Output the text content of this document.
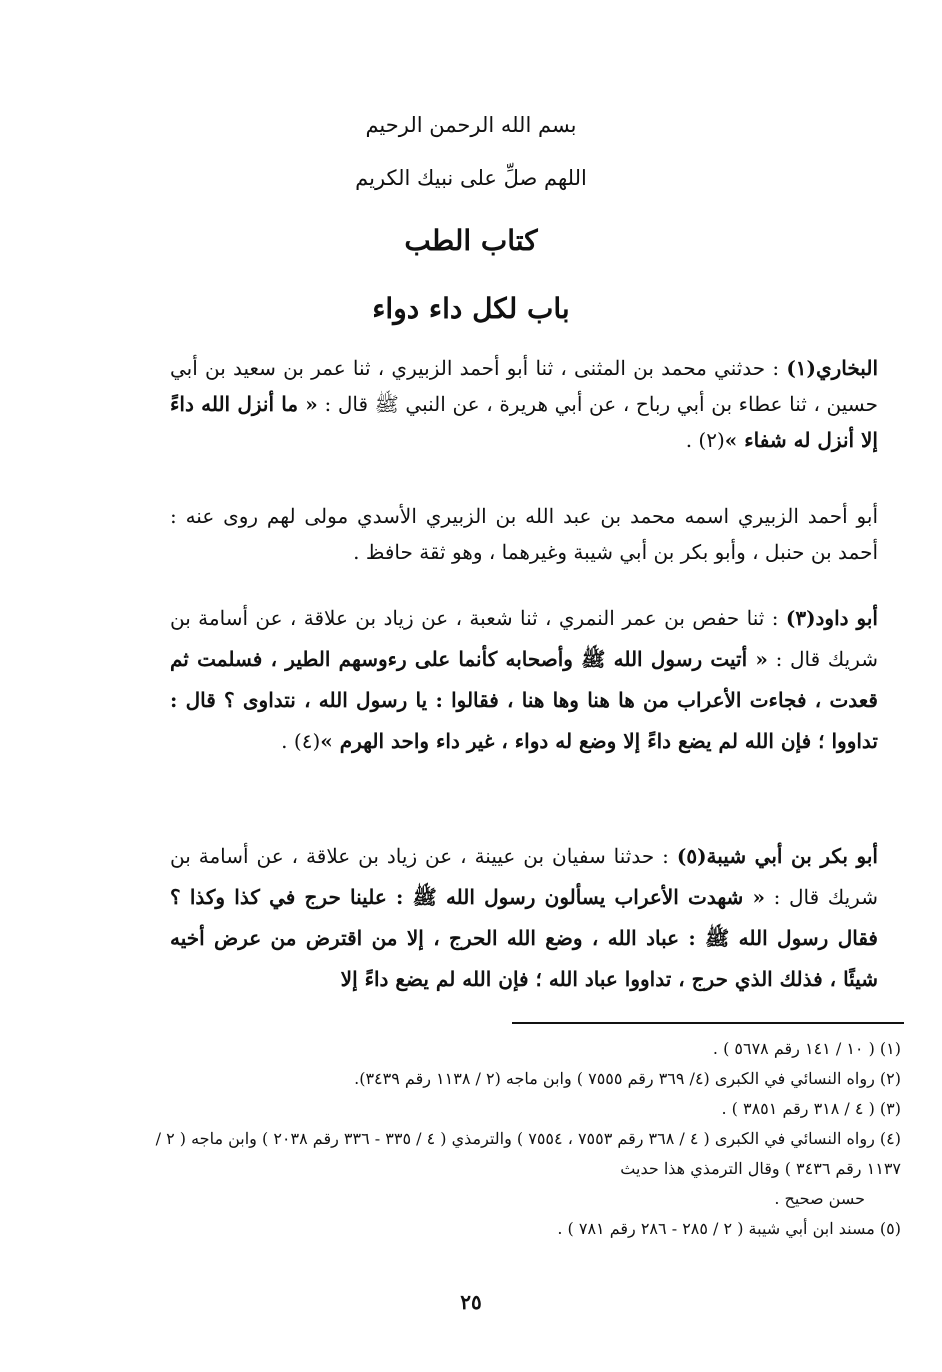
بسم الله الرحمن الرحيم
اللهم صلِّ على نبيك الكريم
كتاب الطب
باب لكل داء دواء

البخاري(١) : حدثني محمد بن المثنى ، ثنا أبو أحمد الزبيري ، ثنا عمر بن سعيد بن أبي حسين ، ثنا عطاء بن أبي رباح ، عن أبي هريرة ، عن النبي ﷺ قال : « ما أنزل الله داءً إلا أنزل له شفاء »(٢) .

أبو أحمد الزبيري اسمه محمد بن عبد الله بن الزبيري الأسدي مولى لهم روى عنه : أحمد بن حنبل ، وأبو بكر بن أبي شيبة وغيرهما ، وهو ثقة حافظ .

أبو داود(٣) : ثنا حفص بن عمر النمري ، ثنا شعبة ، عن زياد بن علاقة ، عن أسامة بن شريك قال : « أتيت رسول الله ﷺ وأصحابه كأنما على رءوسهم الطير ، فسلمت ثم قعدت ، فجاءت الأعراب من ها هنا وها هنا ، فقالوا : يا رسول الله ، نتداوى ؟ قال : تداووا ؛ فإن الله لم يضع داءً إلا وضع له دواء ، غير داء واحد الهرم »(٤) .

أبو بكر بن أبي شيبة(٥) : حدثنا سفيان بن عيينة ، عن زياد بن علاقة ، عن أسامة بن شريك قال : « شهدت الأعراب يسألون رسول الله ﷺ : علينا حرج في كذا وكذا ؟ فقال رسول الله ﷺ : عباد الله ، وضع الله الحرج ، إلا من اقترض من عرض أخيه شيئًا ، فذلك الذي حرج ، تداووا عباد الله ؛ فإن الله لم يضع داءً إلا

(١) ( ١٠ / ١٤١ رقم ٥٦٧٨ ) .

(٢) رواه النسائي في الكبرى (٤/ ٣٦٩ رقم ٧٥٥٥ ) وابن ماجه (٢ / ١١٣٨ رقم ٣٤٣٩).

(٣) ( ٤ / ٣١٨ رقم ٣٨٥١ ) .

(٤) رواه النسائي في الكبرى ( ٤ / ٣٦٨ رقم ٧٥٥٣ ، ٧٥٥٤ ) والترمذي ( ٤ / ٣٣٥ - ٣٣٦ رقم ٢٠٣٨ ) وابن ماجه ( ٢ / ١١٣٧ رقم ٣٤٣٦ ) وقال الترمذي هذا حديث

حسن صحيح .

(٥) مسند ابن أبي شيبة ( ٢ / ٢٨٥ - ٢٨٦ رقم ٧٨١ ) .

٢٥
